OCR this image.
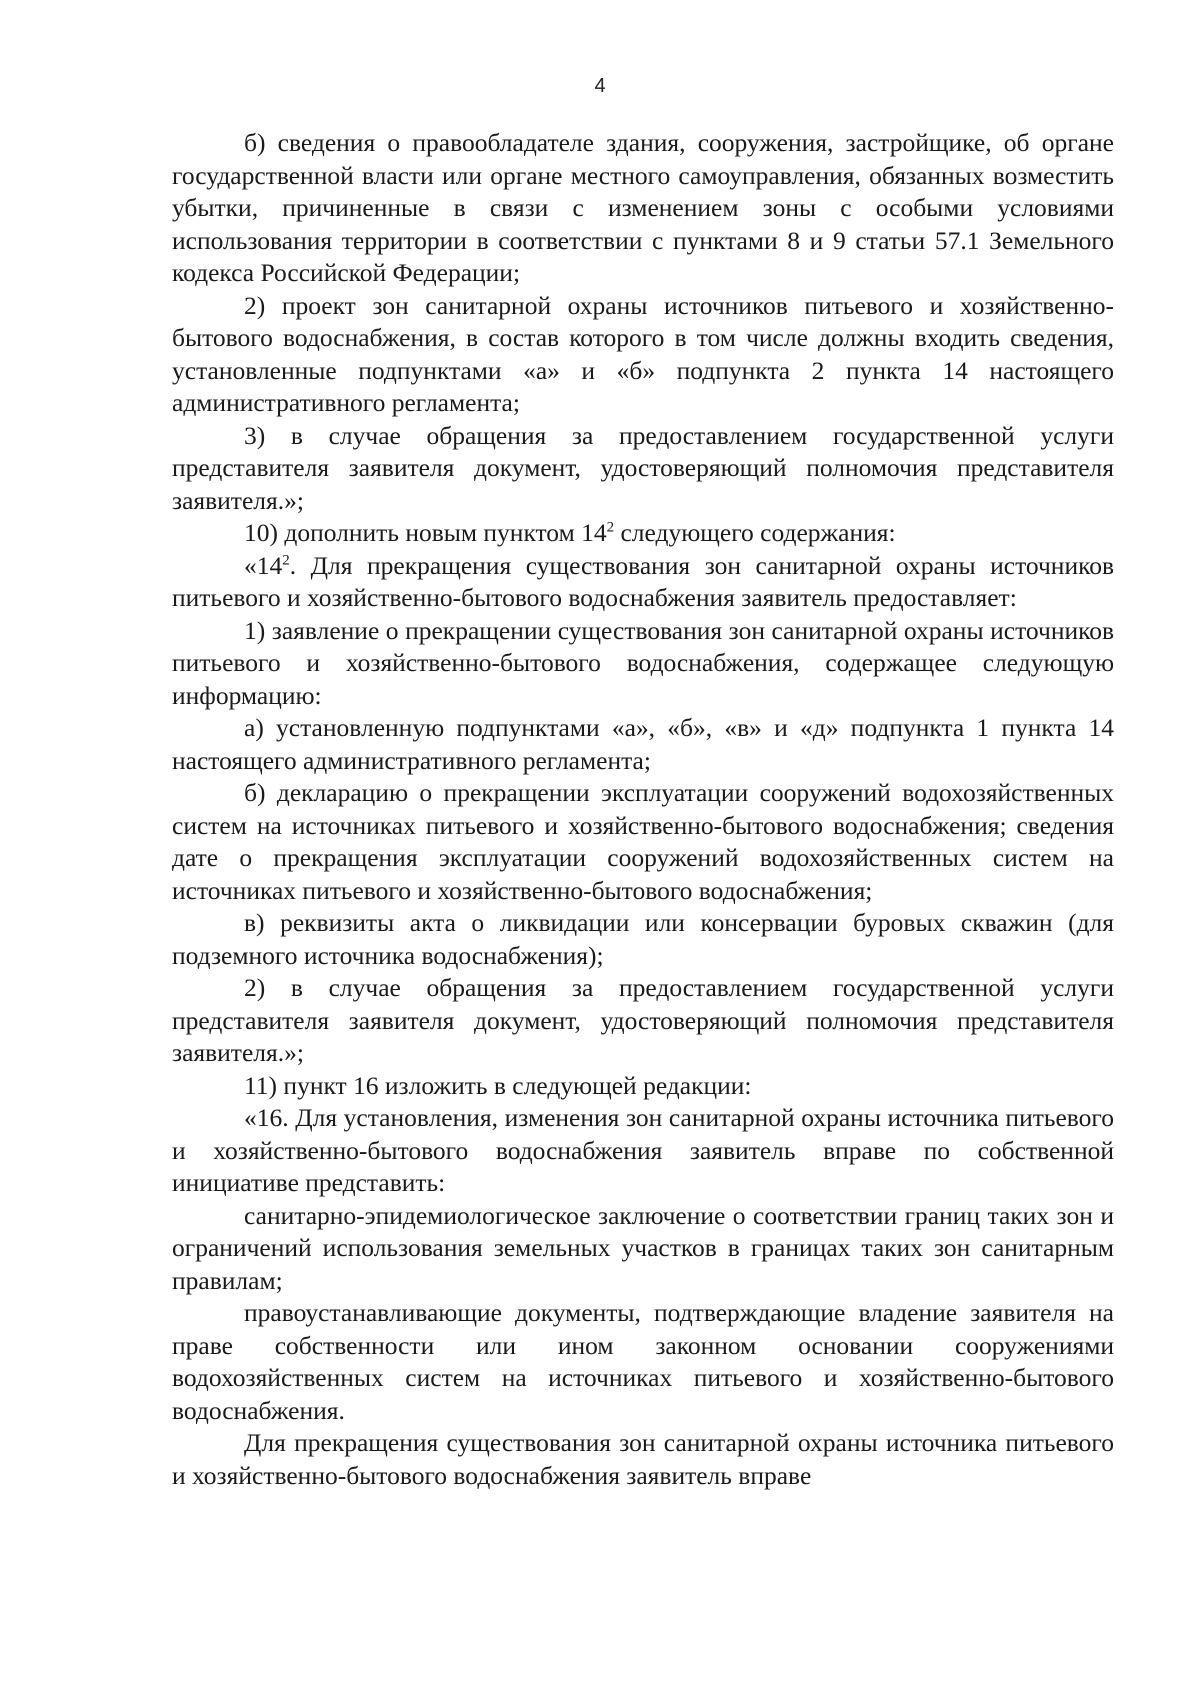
4

б) сведения о правообладателе здания, сооружения, застройщике, об органе государственной власти или органе местного самоуправления, обязанных возместить убытки, причиненные в связи с изменением зоны с особыми условиями использования территории в соответствии с пунктами 8 и 9 статьи 57.1 Земельного кодекса Российской Федерации;

2) проект зон санитарной охраны источников питьевого и хозяйственно-бытового водоснабжения, в состав которого в том числе должны входить сведения, установленные подпунктами «а» и «б» подпункта 2 пункта 14 настоящего административного регламента;

3) в случае обращения за предоставлением государственной услуги представителя заявителя документ, удостоверяющий полномочия представителя заявителя.»;

10) дополнить новым пунктом $14^2$ следующего содержания:

«$14^2$. Для прекращения существования зон санитарной охраны источников питьевого и хозяйственно-бытового водоснабжения заявитель предоставляет:

1) заявление о прекращении существования зон санитарной охраны источников питьевого и хозяйственно-бытового водоснабжения, содержащее следующую информацию:

а) установленную подпунктами «а», «б», «в» и «д» подпункта 1 пункта 14 настоящего административного регламента;

б) декларацию о прекращении эксплуатации сооружений водохозяйственных систем на источниках питьевого и хозяйственно-бытового водоснабжения; сведения дате о прекращения эксплуатации сооружений водохозяйственных систем на источниках питьевого и хозяйственно-бытового водоснабжения;

в) реквизиты акта о ликвидации или консервации буровых скважин (для подземного источника водоснабжения);

2) в случае обращения за предоставлением государственной услуги представителя заявителя документ, удостоверяющий полномочия представителя заявителя.»;

11) пункт 16 изложить в следующей редакции:

«16. Для установления, изменения зон санитарной охраны источника питьевого и хозяйственно-бытового водоснабжения заявитель вправе по собственной инициативе представить:

санитарно-эпидемиологическое заключение о соответствии границ таких зон и ограничений использования земельных участков в границах таких зон санитарным правилам;

правоустанавливающие документы, подтверждающие владение заявителя на праве собственности или ином законном основании сооружениями водохозяйственных систем на источниках питьевого и хозяйственно-бытового водоснабжения.

Для прекращения существования зон санитарной охраны источника питьевого и хозяйственно-бытового водоснабжения заявитель вправе
